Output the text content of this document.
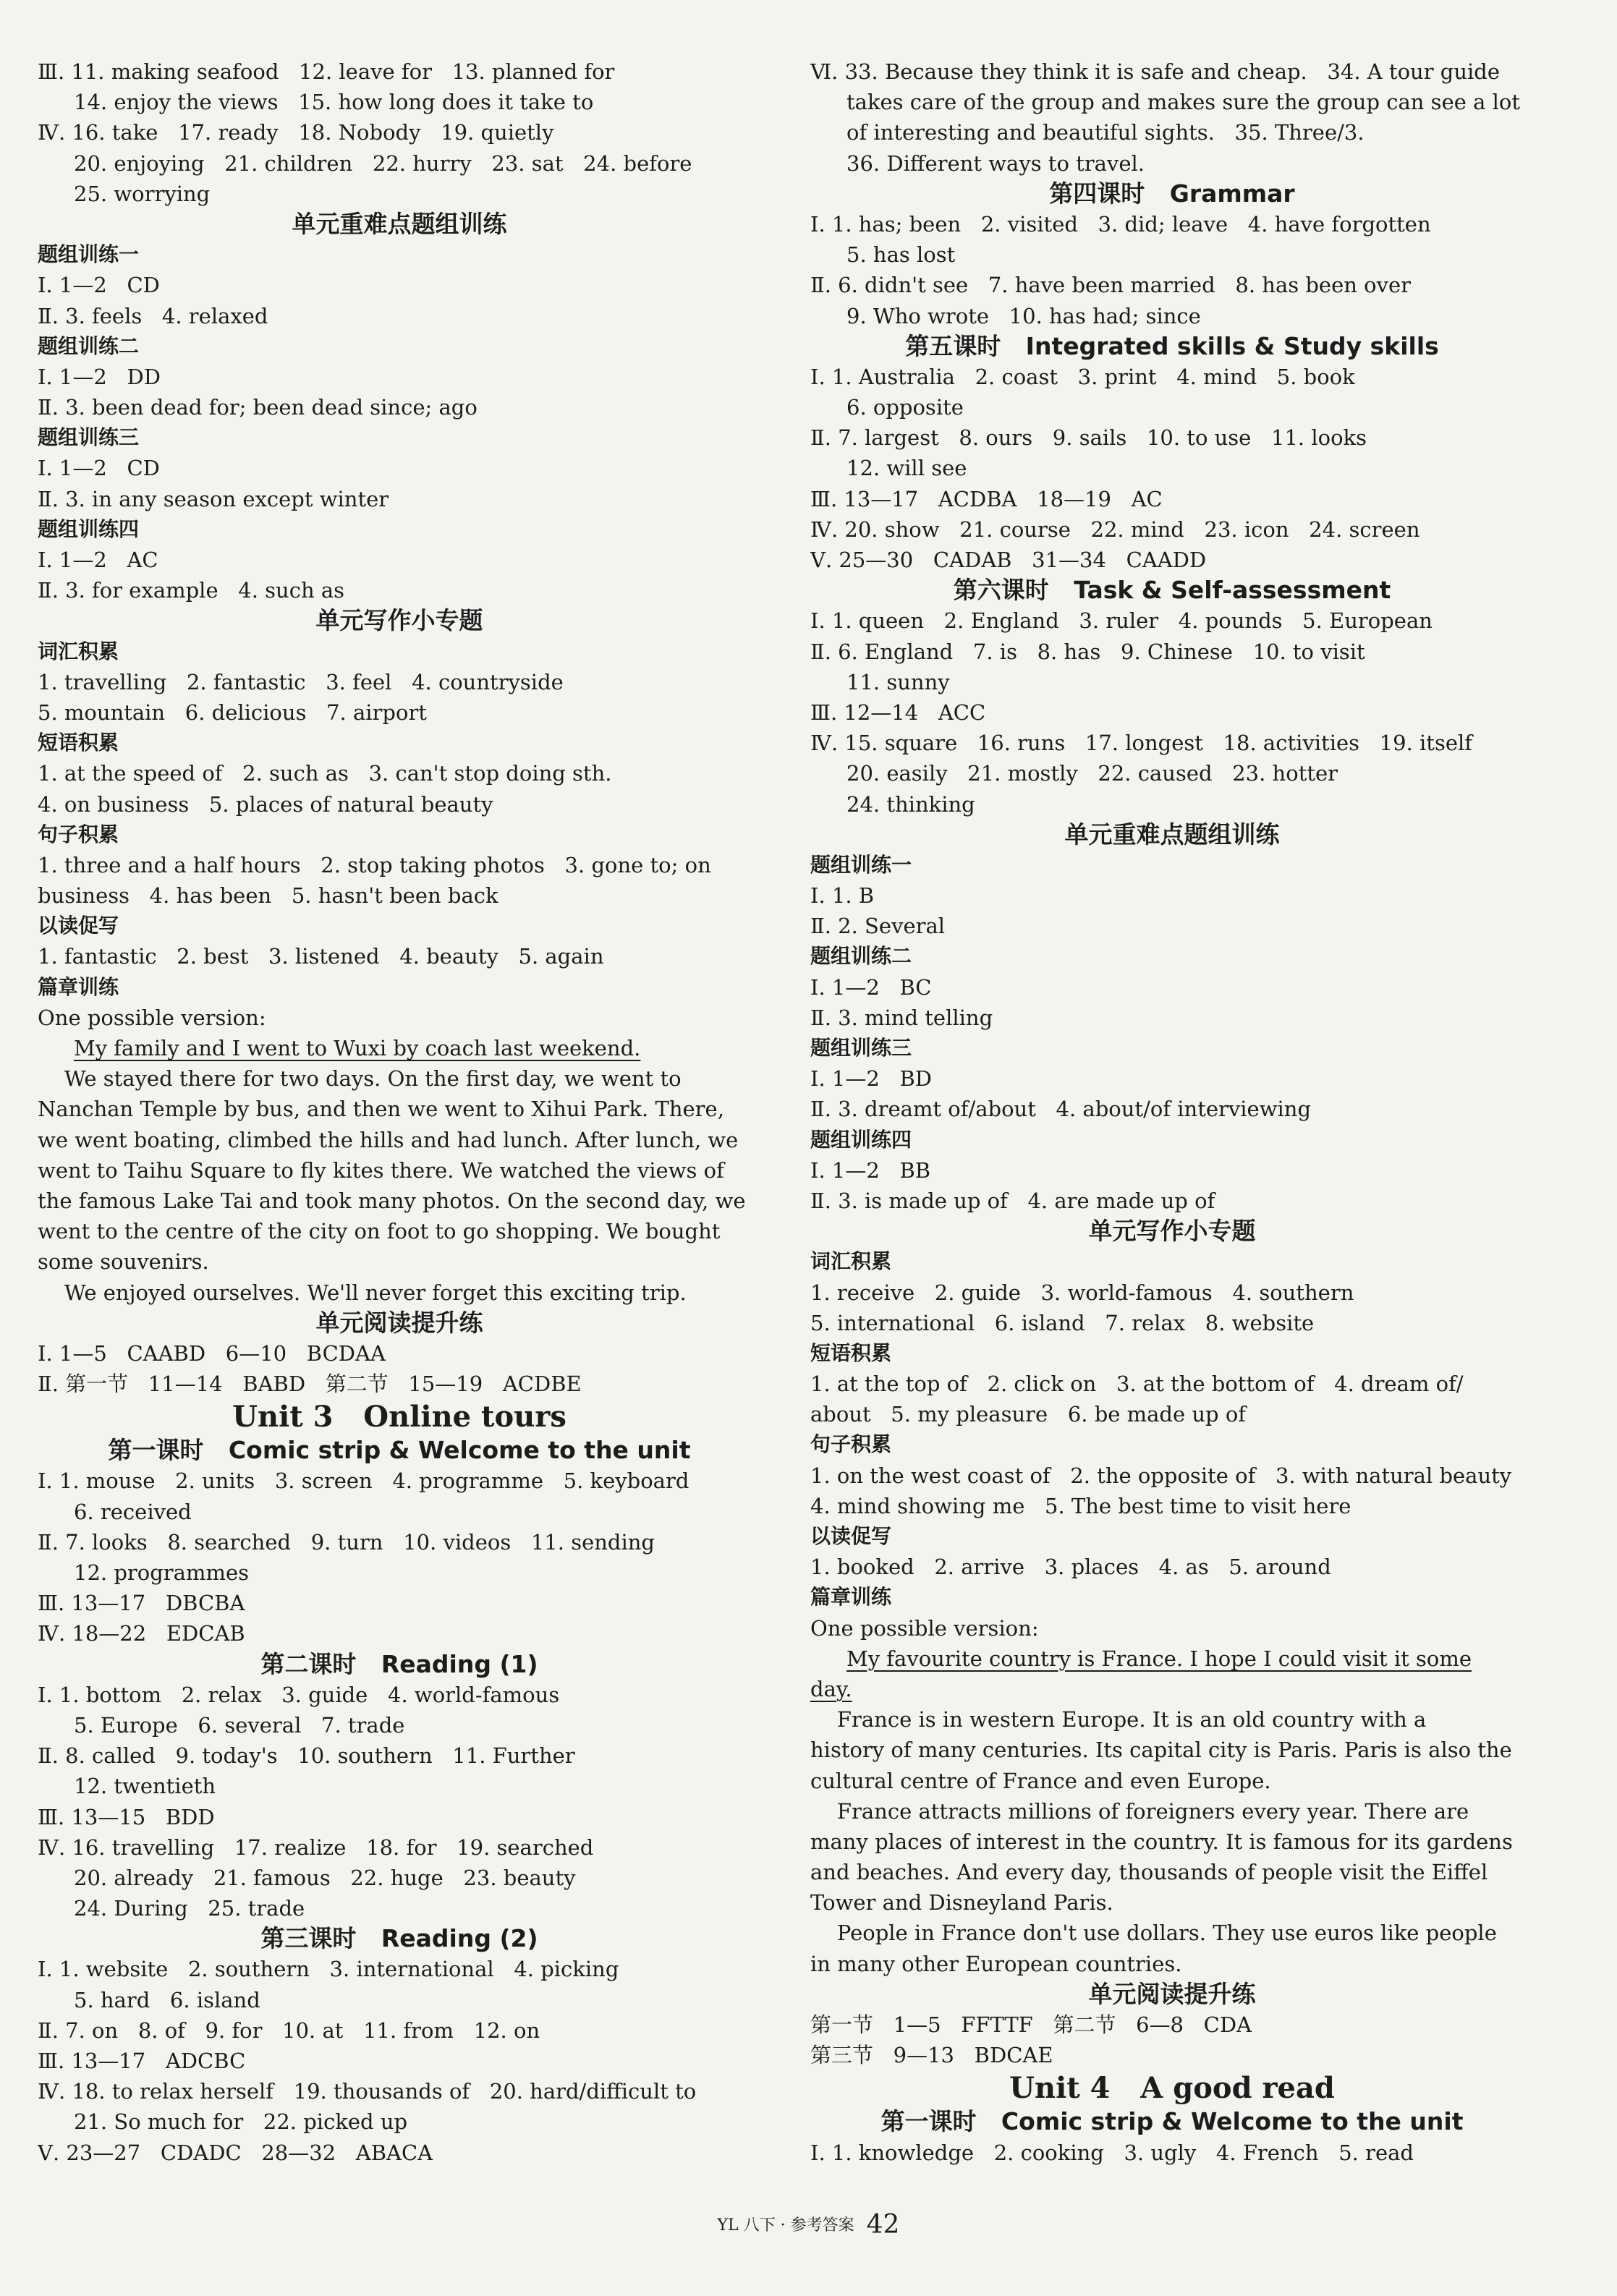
Ⅲ. 11. making seafood   12. leave for   13. planned for
14. enjoy the views   15. how long does it take to
Ⅳ. 16. take   17. ready   18. Nobody   19. quietly
20. enjoying   21. children   22. hurry   23. sat   24. before
25. worrying
单元重难点题组训练
题组训练一
Ⅰ. 1—2   CD
Ⅱ. 3. feels   4. relaxed
题组训练二
Ⅰ. 1—2   DD
Ⅱ. 3. been dead for; been dead since; ago
题组训练三
Ⅰ. 1—2   CD
Ⅱ. 3. in any season except winter
题组训练四
Ⅰ. 1—2   AC
Ⅱ. 3. for example   4. such as
单元写作小专题
词汇积累
1. travelling   2. fantastic   3. feel   4. countryside
5. mountain   6. delicious   7. airport
短语积累
1. at the speed of   2. such as   3. can't stop doing sth.
4. on business   5. places of natural beauty
句子积累
1. three and a half hours   2. stop taking photos   3. gone to; on
business   4. has been   5. hasn't been back
以读促写
1. fantastic   2. best   3. listened   4. beauty   5. again
篇章训练
One possible version:
My family and I went to Wuxi by coach last weekend.
We stayed there for two days. On the first day, we went to
Nanchan Temple by bus, and then we went to Xihui Park. There,
we went boating, climbed the hills and had lunch. After lunch, we
went to Taihu Square to fly kites there. We watched the views of
the famous Lake Tai and took many photos. On the second day, we
went to the centre of the city on foot to go shopping. We bought
some souvenirs.
We enjoyed ourselves. We'll never forget this exciting trip.
单元阅读提升练
Ⅰ. 1—5   CAABD   6—10   BCDAA
Ⅱ. 第一节   11—14   BABD   第二节   15—19   ACDBE
Unit 3   Online tours
第一课时   Comic strip & Welcome to the unit
Ⅰ. 1. mouse   2. units   3. screen   4. programme   5. keyboard
6. received
Ⅱ. 7. looks   8. searched   9. turn   10. videos   11. sending
12. programmes
Ⅲ. 13—17   DBCBA
Ⅳ. 18—22   EDCAB
第二课时   Reading (1)
Ⅰ. 1. bottom   2. relax   3. guide   4. world-famous
5. Europe   6. several   7. trade
Ⅱ. 8. called   9. today's   10. southern   11. Further
12. twentieth
Ⅲ. 13—15   BDD
Ⅳ. 16. travelling   17. realize   18. for   19. searched
20. already   21. famous   22. huge   23. beauty
24. During   25. trade
第三课时   Reading (2)
Ⅰ. 1. website   2. southern   3. international   4. picking
5. hard   6. island
Ⅱ. 7. on   8. of   9. for   10. at   11. from   12. on
Ⅲ. 13—17   ADCBC
Ⅳ. 18. to relax herself   19. thousands of   20. hard/difficult to
21. So much for   22. picked up
Ⅴ. 23—27   CDADC   28—32   ABACA
Ⅵ. 33. Because they think it is safe and cheap.   34. A tour guide
takes care of the group and makes sure the group can see a lot
of interesting and beautiful sights.   35. Three/3.
36. Different ways to travel.
第四课时   Grammar
Ⅰ. 1. has; been   2. visited   3. did; leave   4. have forgotten
5. has lost
Ⅱ. 6. didn't see   7. have been married   8. has been over
9. Who wrote   10. has had; since
第五课时   Integrated skills & Study skills
Ⅰ. 1. Australia   2. coast   3. print   4. mind   5. book
6. opposite
Ⅱ. 7. largest   8. ours   9. sails   10. to use   11. looks
12. will see
Ⅲ. 13—17   ACDBA   18—19   AC
Ⅳ. 20. show   21. course   22. mind   23. icon   24. screen
Ⅴ. 25—30   CADAB   31—34   CAADD
第六课时   Task & Self-assessment
Ⅰ. 1. queen   2. England   3. ruler   4. pounds   5. European
Ⅱ. 6. England   7. is   8. has   9. Chinese   10. to visit
11. sunny
Ⅲ. 12—14   ACC
Ⅳ. 15. square   16. runs   17. longest   18. activities   19. itself
20. easily   21. mostly   22. caused   23. hotter
24. thinking
单元重难点题组训练
题组训练一
Ⅰ. 1. B
Ⅱ. 2. Several
题组训练二
Ⅰ. 1—2   BC
Ⅱ. 3. mind telling
题组训练三
Ⅰ. 1—2   BD
Ⅱ. 3. dreamt of/about   4. about/of interviewing
题组训练四
Ⅰ. 1—2   BB
Ⅱ. 3. is made up of   4. are made up of
单元写作小专题
词汇积累
1. receive   2. guide   3. world-famous   4. southern
5. international   6. island   7. relax   8. website
短语积累
1. at the top of   2. click on   3. at the bottom of   4. dream of/
about   5. my pleasure   6. be made up of
句子积累
1. on the west coast of   2. the opposite of   3. with natural beauty
4. mind showing me   5. The best time to visit here
以读促写
1. booked   2. arrive   3. places   4. as   5. around
篇章训练
One possible version:
My favourite country is France. I hope I could visit it some
day.
France is in western Europe. It is an old country with a
history of many centuries. Its capital city is Paris. Paris is also the
cultural centre of France and even Europe.
France attracts millions of foreigners every year. There are
many places of interest in the country. It is famous for its gardens
and beaches. And every day, thousands of people visit the Eiffel
Tower and Disneyland Paris.
People in France don't use dollars. They use euros like people
in many other European countries.
单元阅读提升练
第一节   1—5   FFTTF   第二节   6—8   CDA
第三节   9—13   BDCAE
Unit 4   A good read
第一课时   Comic strip & Welcome to the unit
Ⅰ. 1. knowledge   2. cooking   3. ugly   4. French   5. read
YL 八下 · 参考答案 42
